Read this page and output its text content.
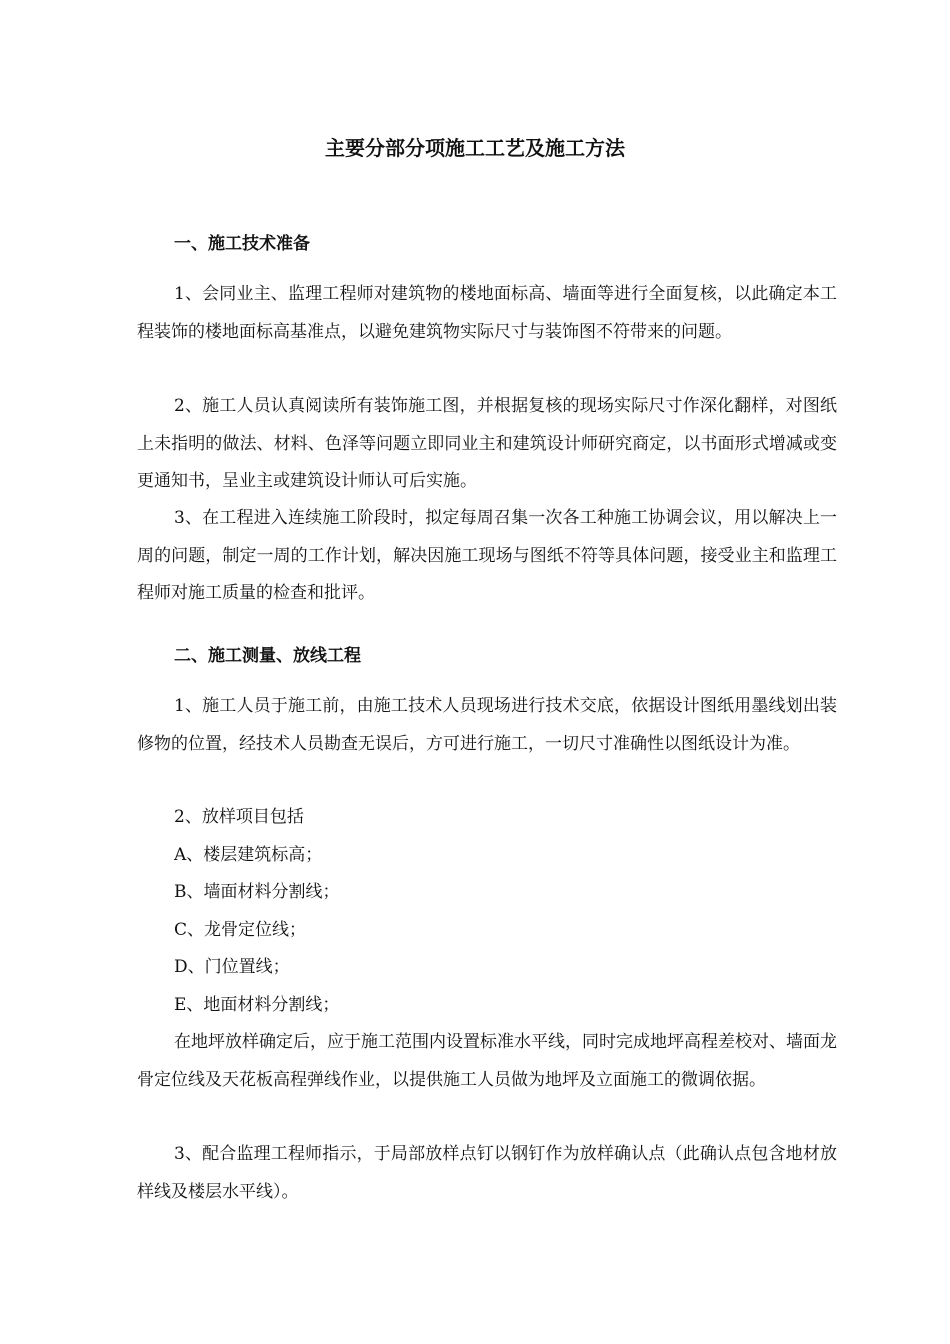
主要分部分项施工工艺及施工方法
一、施工技术准备

1、会同业主、监理工程师对建筑物的楼地面标高、墙面等进行全面复核，以此确定本工程装饰的楼地面标高基准点，以避免建筑物实际尺寸与装饰图不符带来的问题。

2、施工人员认真阅读所有装饰施工图，并根据复核的现场实际尺寸作深化翻样，对图纸上未指明的做法、材料、色泽等问题立即同业主和建筑设计师研究商定，以书面形式增减或变更通知书，呈业主或建筑设计师认可后实施。

3、在工程进入连续施工阶段时，拟定每周召集一次各工种施工协调会议，用以解决上一周的问题，制定一周的工作计划，解决因施工现场与图纸不符等具体问题，接受业主和监理工程师对施工质量的检查和批评。

二、施工测量、放线工程

1、施工人员于施工前，由施工技术人员现场进行技术交底，依据设计图纸用墨线划出装修物的位置，经技术人员勘查无误后，方可进行施工，一切尺寸准确性以图纸设计为准。

2、放样项目包括
A、楼层建筑标高；
B、墙面材料分割线；
C、龙骨定位线；
D、门位置线；
E、地面材料分割线；

在地坪放样确定后，应于施工范围内设置标准水平线，同时完成地坪高程差校对、墙面龙骨定位线及天花板高程弹线作业，以提供施工人员做为地坪及立面施工的微调依据。

3、配合监理工程师指示，于局部放样点钉以钢钉作为放样确认点（此确认点包含地材放样线及楼层水平线）。
